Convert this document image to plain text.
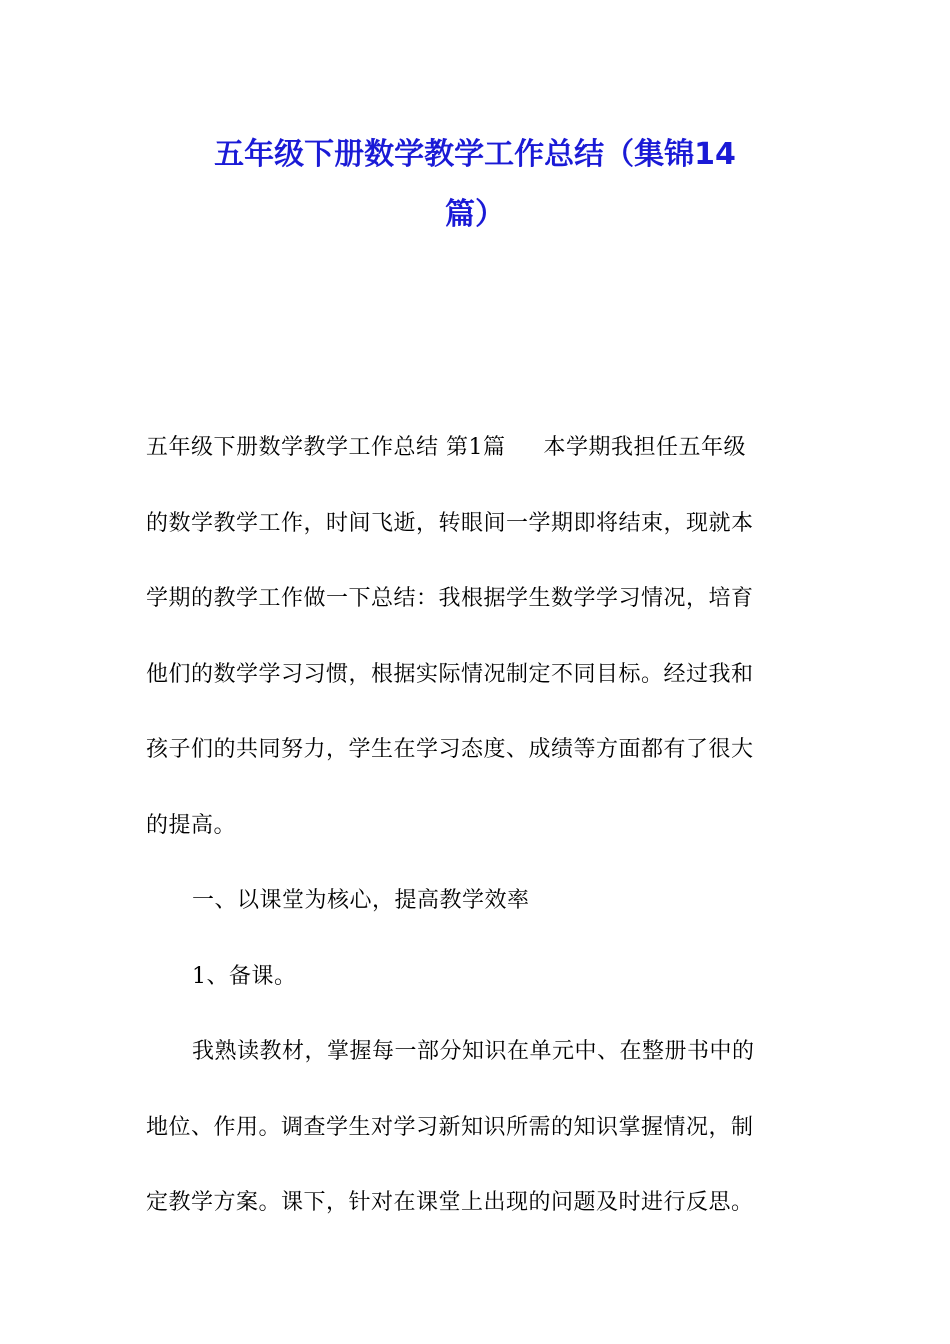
五年级下册数学教学工作总结（集锦14
篇）

五年级下册数学教学工作总结 第1篇 本学期我担任五年级

的数学教学工作，时间飞逝，转眼间一学期即将结束，现就本

学期的教学工作做一下总结：我根据学生数学学习情况，培育

他们的数学学习习惯，根据实际情况制定不同目标。经过我和

孩子们的共同努力，学生在学习态度、成绩等方面都有了很大

的提高。

一、以课堂为核心，提高教学效率

1、备课。

我熟读教材，掌握每一部分知识在单元中、在整册书中的

地位、作用。调查学生对学习新知识所需的知识掌握情况，制

定教学方案。课下，针对在课堂上出现的问题及时进行反思。
